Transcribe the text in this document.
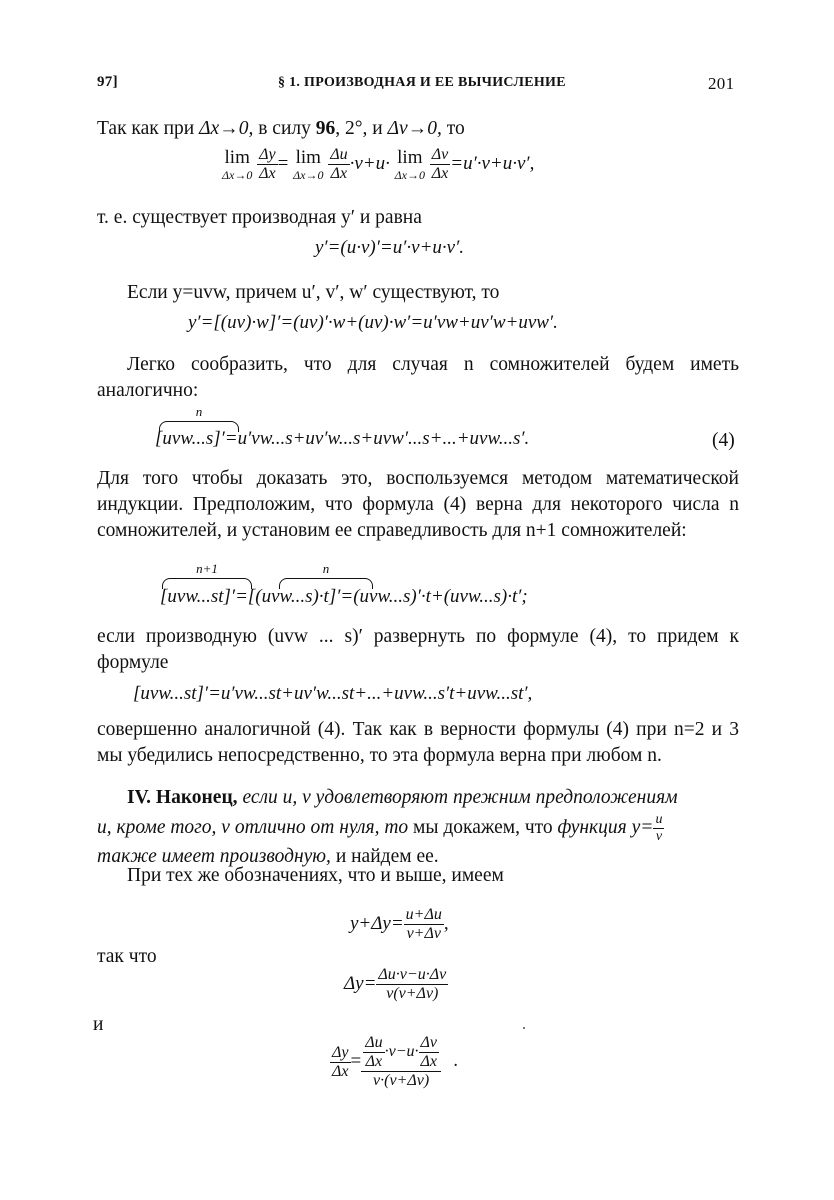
97]	§ 1. ПРОИЗВОДНАЯ И ЕЕ ВЫЧИСЛЕНИЕ	201
Так как при Δx→0, в силу 96, 2°, и Δv→0, то
lim
Δx→0
$\frac{\Delta y}{\Delta x} = \lim$
Δx→0
$\frac{\Delta u}{\Delta x} \cdot v+u\cdot \lim$
Δx→0
$\frac{\Delta v}{\Delta x} =u'\cdot v+u\cdot v'$,
т. е. существует производная y′ и равна
y′=(u·v)′=u′·v+u·v′.
Если y=uvw, причем u′, v′, w′ существуют, то
y′=[(uv)·w]′=(uv)′·w+(uv)·w′=u′vw+uv′w+uvw′.
Легко сообразить, что для случая n сомножителей будем иметь аналогично:
n
[uvw...s]′=u′vw...s+uv′w...s+uvw′...s+...+uvw...s′.	(4)
Для того чтобы доказать это, воспользуемся методом математической индукции. Предположим, что формула (4) верна для некоторого числа n сомножителей, и установим ее справедливость для n+1 сомножителей:
n+1	n
[uvw...st]′=[(uvw...s)·t]′=(uvw...s)′·t+(uvw...s)·t′;
если производную (uvw ... s)′ развернуть по формуле (4), то придем к формуле
[uvw...st]′=u′vw...st+uv′w...st+...+uvw...s′t+uvw...st′,
совершенно аналогичной (4). Так как в верности формулы (4) при n=2 и 3 мы убедились непосредственно, то эта формула верна при любом n.
IV. Наконец, если u, v удовлетворяют прежним предположениям
и, кроме того, v отлично от нуля, то мы докажем, что функция $y= \frac{u}{v}$
также имеет производную, и найдем ее.
При тех же обозначениях, что и выше, имеем
$y+\Delta y= \frac{u+\Delta u}{v+\Delta v}$ ,
так что
$\Delta y= \frac{\Delta u\cdot v-u\cdot\Delta v}{v(v+\Delta v)}$
и
$\frac{\Delta y}{\Delta x} = \frac{\frac{\Delta u}{\Delta x} \cdot v-u\cdot \frac{\Delta v}{\Delta x}}{v\cdot(v+\Delta v)}$ .
